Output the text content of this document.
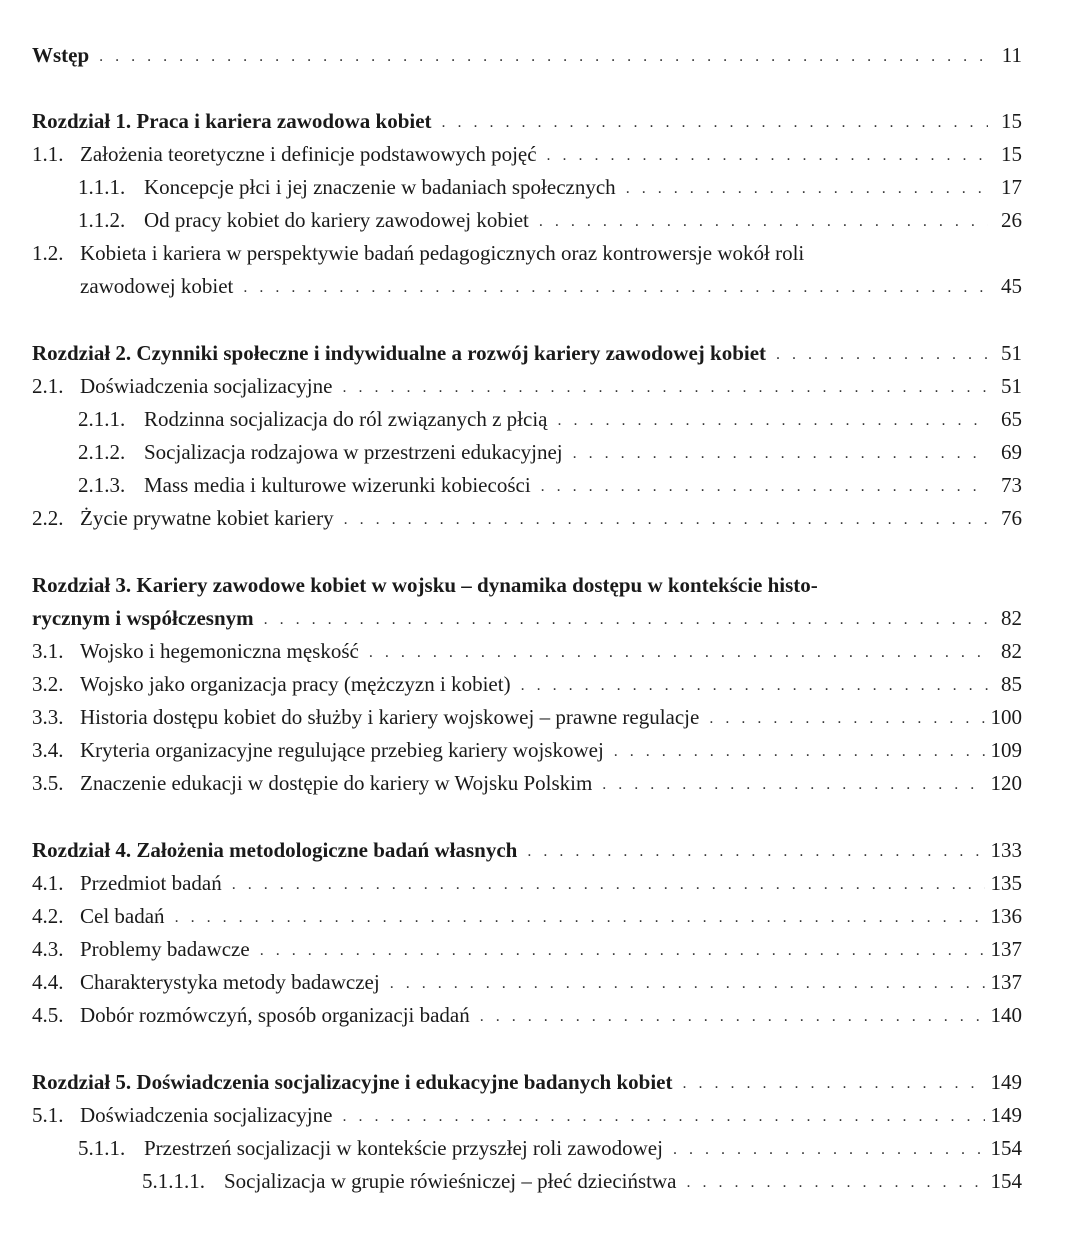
Wstęp . . .	11
Rozdział 1. Praca i kariera zawodowa kobiet . . .	15
1.1. Założenia teoretyczne i definicje podstawowych pojęć . . .	15
1.1.1. Koncepcje płci i jej znaczenie w badaniach społecznych . . .	17
1.1.2. Od pracy kobiet do kariery zawodowej kobiet . . .	26
1.2. Kobieta i kariera w perspektywie badań pedagogicznych oraz kontrowersje wokół roli
zawodowej kobiet . . .	45
Rozdział 2. Czynniki społeczne i indywidualne a rozwój kariery zawodowej kobiet . . .	51
2.1. Doświadczenia socjalizacyjne . . .	51
2.1.1. Rodzinna socjalizacja do ról związanych z płcią . . .	65
2.1.2. Socjalizacja rodzajowa w przestrzeni edukacyjnej . . .	69
2.1.3. Mass media i kulturowe wizerunki kobiecości . . .	73
2.2. Życie prywatne kobiet kariery . . .	76
Rozdział 3. Kariery zawodowe kobiet w wojsku – dynamika dostępu w kontekście histo-
rycznym i współczesnym . . .	82
3.1. Wojsko i hegemoniczna męskość . . .	82
3.2. Wojsko jako organizacja pracy (mężczyzn i kobiet) . . .	85
3.3. Historia dostępu kobiet do służby i kariery wojskowej – prawne regulacje . . .	100
3.4. Kryteria organizacyjne regulujące przebieg kariery wojskowej . . .	109
3.5. Znaczenie edukacji w dostępie do kariery w Wojsku Polskim . . .	120
Rozdział 4. Założenia metodologiczne badań własnych . . .	133
4.1. Przedmiot badań . . .	135
4.2. Cel badań . . .	136
4.3. Problemy badawcze . . .	137
4.4. Charakterystyka metody badawczej . . .	137
4.5. Dobór rozmówczyń, sposób organizacji badań . . .	140
Rozdział 5. Doświadczenia socjalizacyjne i edukacyjne badanych kobiet . . .	149
5.1. Doświadczenia socjalizacyjne . . .	149
5.1.1. Przestrzeń socjalizacji w kontekście przyszłej roli zawodowej . . .	154
5.1.1.1. Socjalizacja w grupie rówieśniczej – płeć dzieciństwa . . .	154
